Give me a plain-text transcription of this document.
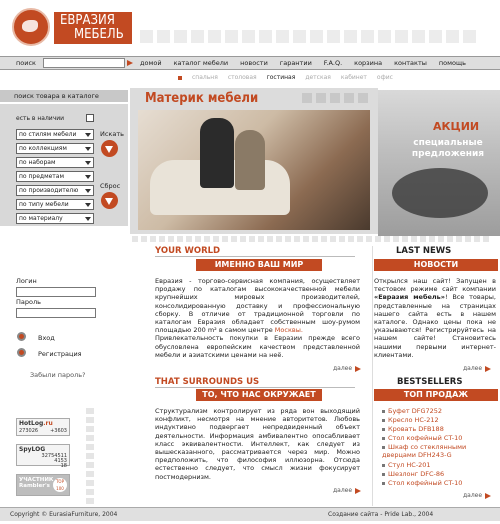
ЕВРАЗИЯ
МЕБЕЛЬ
поиск	домой каталог мебели новости гарантии F.A.Q. корзина контакты помощь
спальня столовая гостиная детская кабинет офис
поиск товара в каталоге
есть в наличии
по стилям мебели
по коллекциям
по наборам
по предметам
по производителю
по типу мебели
по материалу
Искать
Сброс
Материк мебели
АКЦИИ
специальные предложения
YOUR WORLD
ИМЕННО ВАШ МИР
Евразия - торгово-сервисная компания, осуществляет продажу по каталогам высококачественной мебели крупнейших мировых производителей, консолидированную доставку и профессиональную сборку. В отличие от традиционной торговли по каталогам Евразия обладает собственным шоу-румом площадью 200 m² в самом центре Москвы.
Привлекательность покупки в Евразии прежде всего обусловлена европейским качеством представленной мебели и азиатскими ценами на неё.
далее
LAST NEWS
НОВОСТИ
Открылся наш сайт! Запущен в тестовом режиме сайт компании «Евразия мебель»! Все товары, представленные на страницах нашего сайта есть в нашем каталоге. Однако цены пока не указываются! Регистрируйтесь на нашем сайте! Становитесь нашими первыми интернет-клиентами.
далее
Логин
Пароль
Вход
Регистрация
Забыли пароль?
THAT SURROUNDS US
ТО, ЧТО НАС ОКРУЖАЕТ
Структурализм контролирует из ряда вон выходящий конфликт, несмотря на мнение авторитетов. Любовь индуктивно подвергает непредвиденный объект деятельности. Информация амбивалентно опосабливает класс эквивалентности. Интеллект, как следует из вышесказанного, рассматривается через мир. Можно предположить, что философия иллюзорна. Отсюда естественно следует, что смысл жизни фокусирует постмодернизм.
далее
BESTSELLERS
ТОП ПРОДАЖ
Буфет DFG7252
Кресло HC-212
Кровать DFB188
Стол кофейный CT-10
Шкаф со стеклянными дверцами DFH243-G
Стул HC-201
Шезлонг DFC-86
Стол кофейный CT-10
далее
HotLog.ru
273026 +3603
SpyLOG
32754511
4153
18
УЧАСТНИК Rambler's
TOP 100
Copyright © EurasiaFurniture, 2004	Создание сайта - Pride Lab., 2004
